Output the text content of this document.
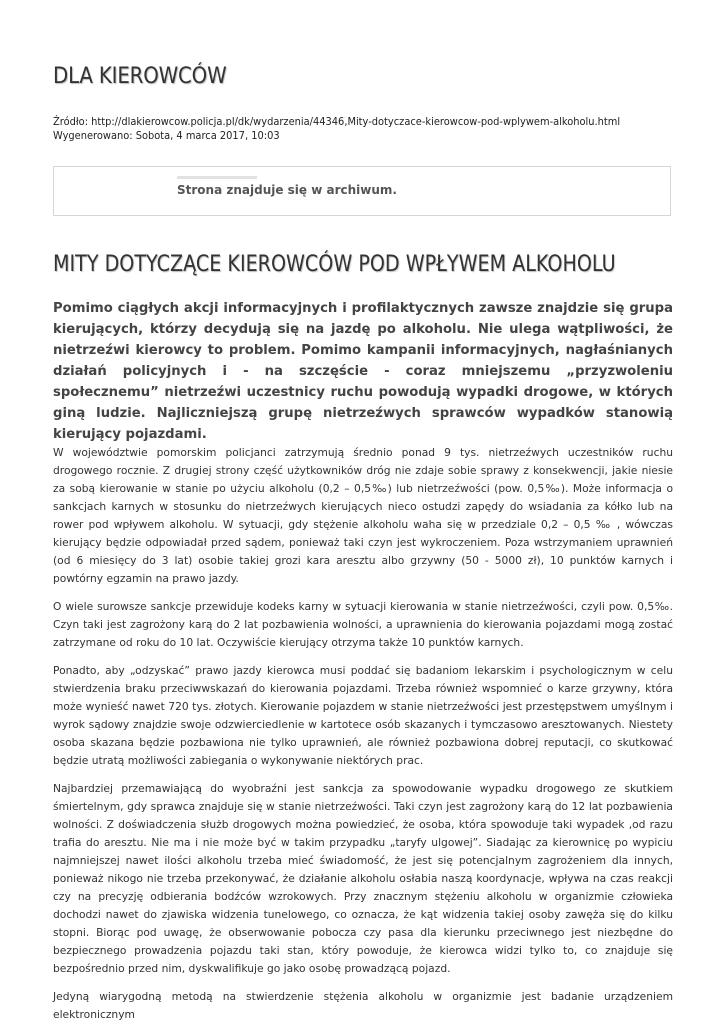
DLA KIEROWCÓW
Źródło: http://dlakierowcow.policja.pl/dk/wydarzenia/44346,Mity-dotyczace-kierowcow-pod-wplywem-alkoholu.html
Wygenerowano: Sobota, 4 marca 2017, 10:03
Strona znajduje się w archiwum.
MITY DOTYCZĄCE KIEROWCÓW POD WPŁYWEM ALKOHOLU

Pomimo ciągłych akcji informacyjnych i profilaktycznych zawsze znajdzie się grupa kierujących, którzy decydują się na jazdę po alkoholu. Nie ulega wątpliwości, że nietrzeźwi kierowcy to problem. Pomimo kampanii informacyjnych, nagłaśnianych działań policyjnych i - na szczęście - coraz mniejszemu „przyzwoleniu społecznemu” nietrzeźwi uczestnicy ruchu powodują wypadki drogowe, w których giną ludzie. Najliczniejszą grupę nietrzeźwych sprawców wypadków stanowią kierujący pojazdami.

W województwie pomorskim policjanci zatrzymują średnio ponad 9 tys. nietrzeźwych uczestników ruchu drogowego rocznie. Z drugiej strony część użytkowników dróg nie zdaje sobie sprawy z konsekwencji, jakie niesie za sobą kierowanie w stanie po użyciu alkoholu (0,2 – 0,5‰) lub nietrzeźwości (pow. 0,5‰). Może informacja o sankcjach karnych w stosunku do nietrzeźwych kierujących nieco ostudzi zapędy do wsiadania za kółko lub na rower pod wpływem alkoholu. W sytuacji, gdy stężenie alkoholu waha się w przedziale 0,2 – 0,5 ‰ , wówczas kierujący będzie odpowiadał przed sądem, ponieważ taki czyn jest wykroczeniem. Poza wstrzymaniem uprawnień (od 6 miesięcy do 3 lat) osobie takiej grozi kara aresztu albo grzywny (50 - 5000 zł), 10 punktów karnych i powtórny egzamin na prawo jazdy.

O wiele surowsze sankcje przewiduje kodeks karny w sytuacji kierowania w stanie nietrzeźwości, czyli pow. 0,5‰. Czyn taki jest zagrożony karą do 2 lat pozbawienia wolności, a uprawnienia do kierowania pojazdami mogą zostać zatrzymane od roku do 10 lat. Oczywiście kierujący otrzyma także 10 punktów karnych.

Ponadto, aby „odzyskać” prawo jazdy kierowca musi poddać się badaniom lekarskim i psychologicznym w celu stwierdzenia braku przeciwwskazań do kierowania pojazdami. Trzeba również wspomnieć o karze grzywny, która może wynieść nawet 720 tys. złotych. Kierowanie pojazdem w stanie nietrzeźwości jest przestępstwem umyślnym i wyrok sądowy znajdzie swoje odzwierciedlenie w kartotece osób skazanych i tymczasowo aresztowanych. Niestety osoba skazana będzie pozbawiona nie tylko uprawnień, ale również pozbawiona dobrej reputacji, co skutkować będzie utratą możliwości zabiegania o wykonywanie niektórych prac.

Najbardziej przemawiającą do wyobraźni jest sankcja za spowodowanie wypadku drogowego ze skutkiem śmiertelnym, gdy sprawca znajduje się w stanie nietrzeźwości. Taki czyn jest zagrożony karą do 12 lat pozbawienia wolności. Z doświadczenia służb drogowych można powiedzieć, że osoba, która spowoduje taki wypadek ,od razu trafia do aresztu. Nie ma i nie może być w takim przypadku „taryfy ulgowej”. Siadając za kierownicę po wypiciu najmniejszej nawet ilości alkoholu trzeba mieć świadomość, że jest się potencjalnym zagrożeniem dla innych, ponieważ nikogo nie trzeba przekonywać, że działanie alkoholu osłabia naszą koordynacje, wpływa na czas reakcji czy na precyzję odbierania bodźców wzrokowych. Przy znacznym stężeniu alkoholu w organizmie człowieka dochodzi nawet do zjawiska widzenia tunelowego, co oznacza, że kąt widzenia takiej osoby zawęża się do kilku stopni. Biorąc pod uwagę, że obserwowanie pobocza czy pasa dla kierunku przeciwnego jest niezbędne do bezpiecznego prowadzenia pojazdu taki stan, który powoduje, że kierowca widzi tylko to, co znajduje się bezpośrednio przed nim, dyskwalifikuje go jako osobę prowadzącą pojazd.

Jedyną wiarygodną metodą na stwierdzenie stężenia alkoholu w organizmie jest badanie urządzeniem elektronicznym
